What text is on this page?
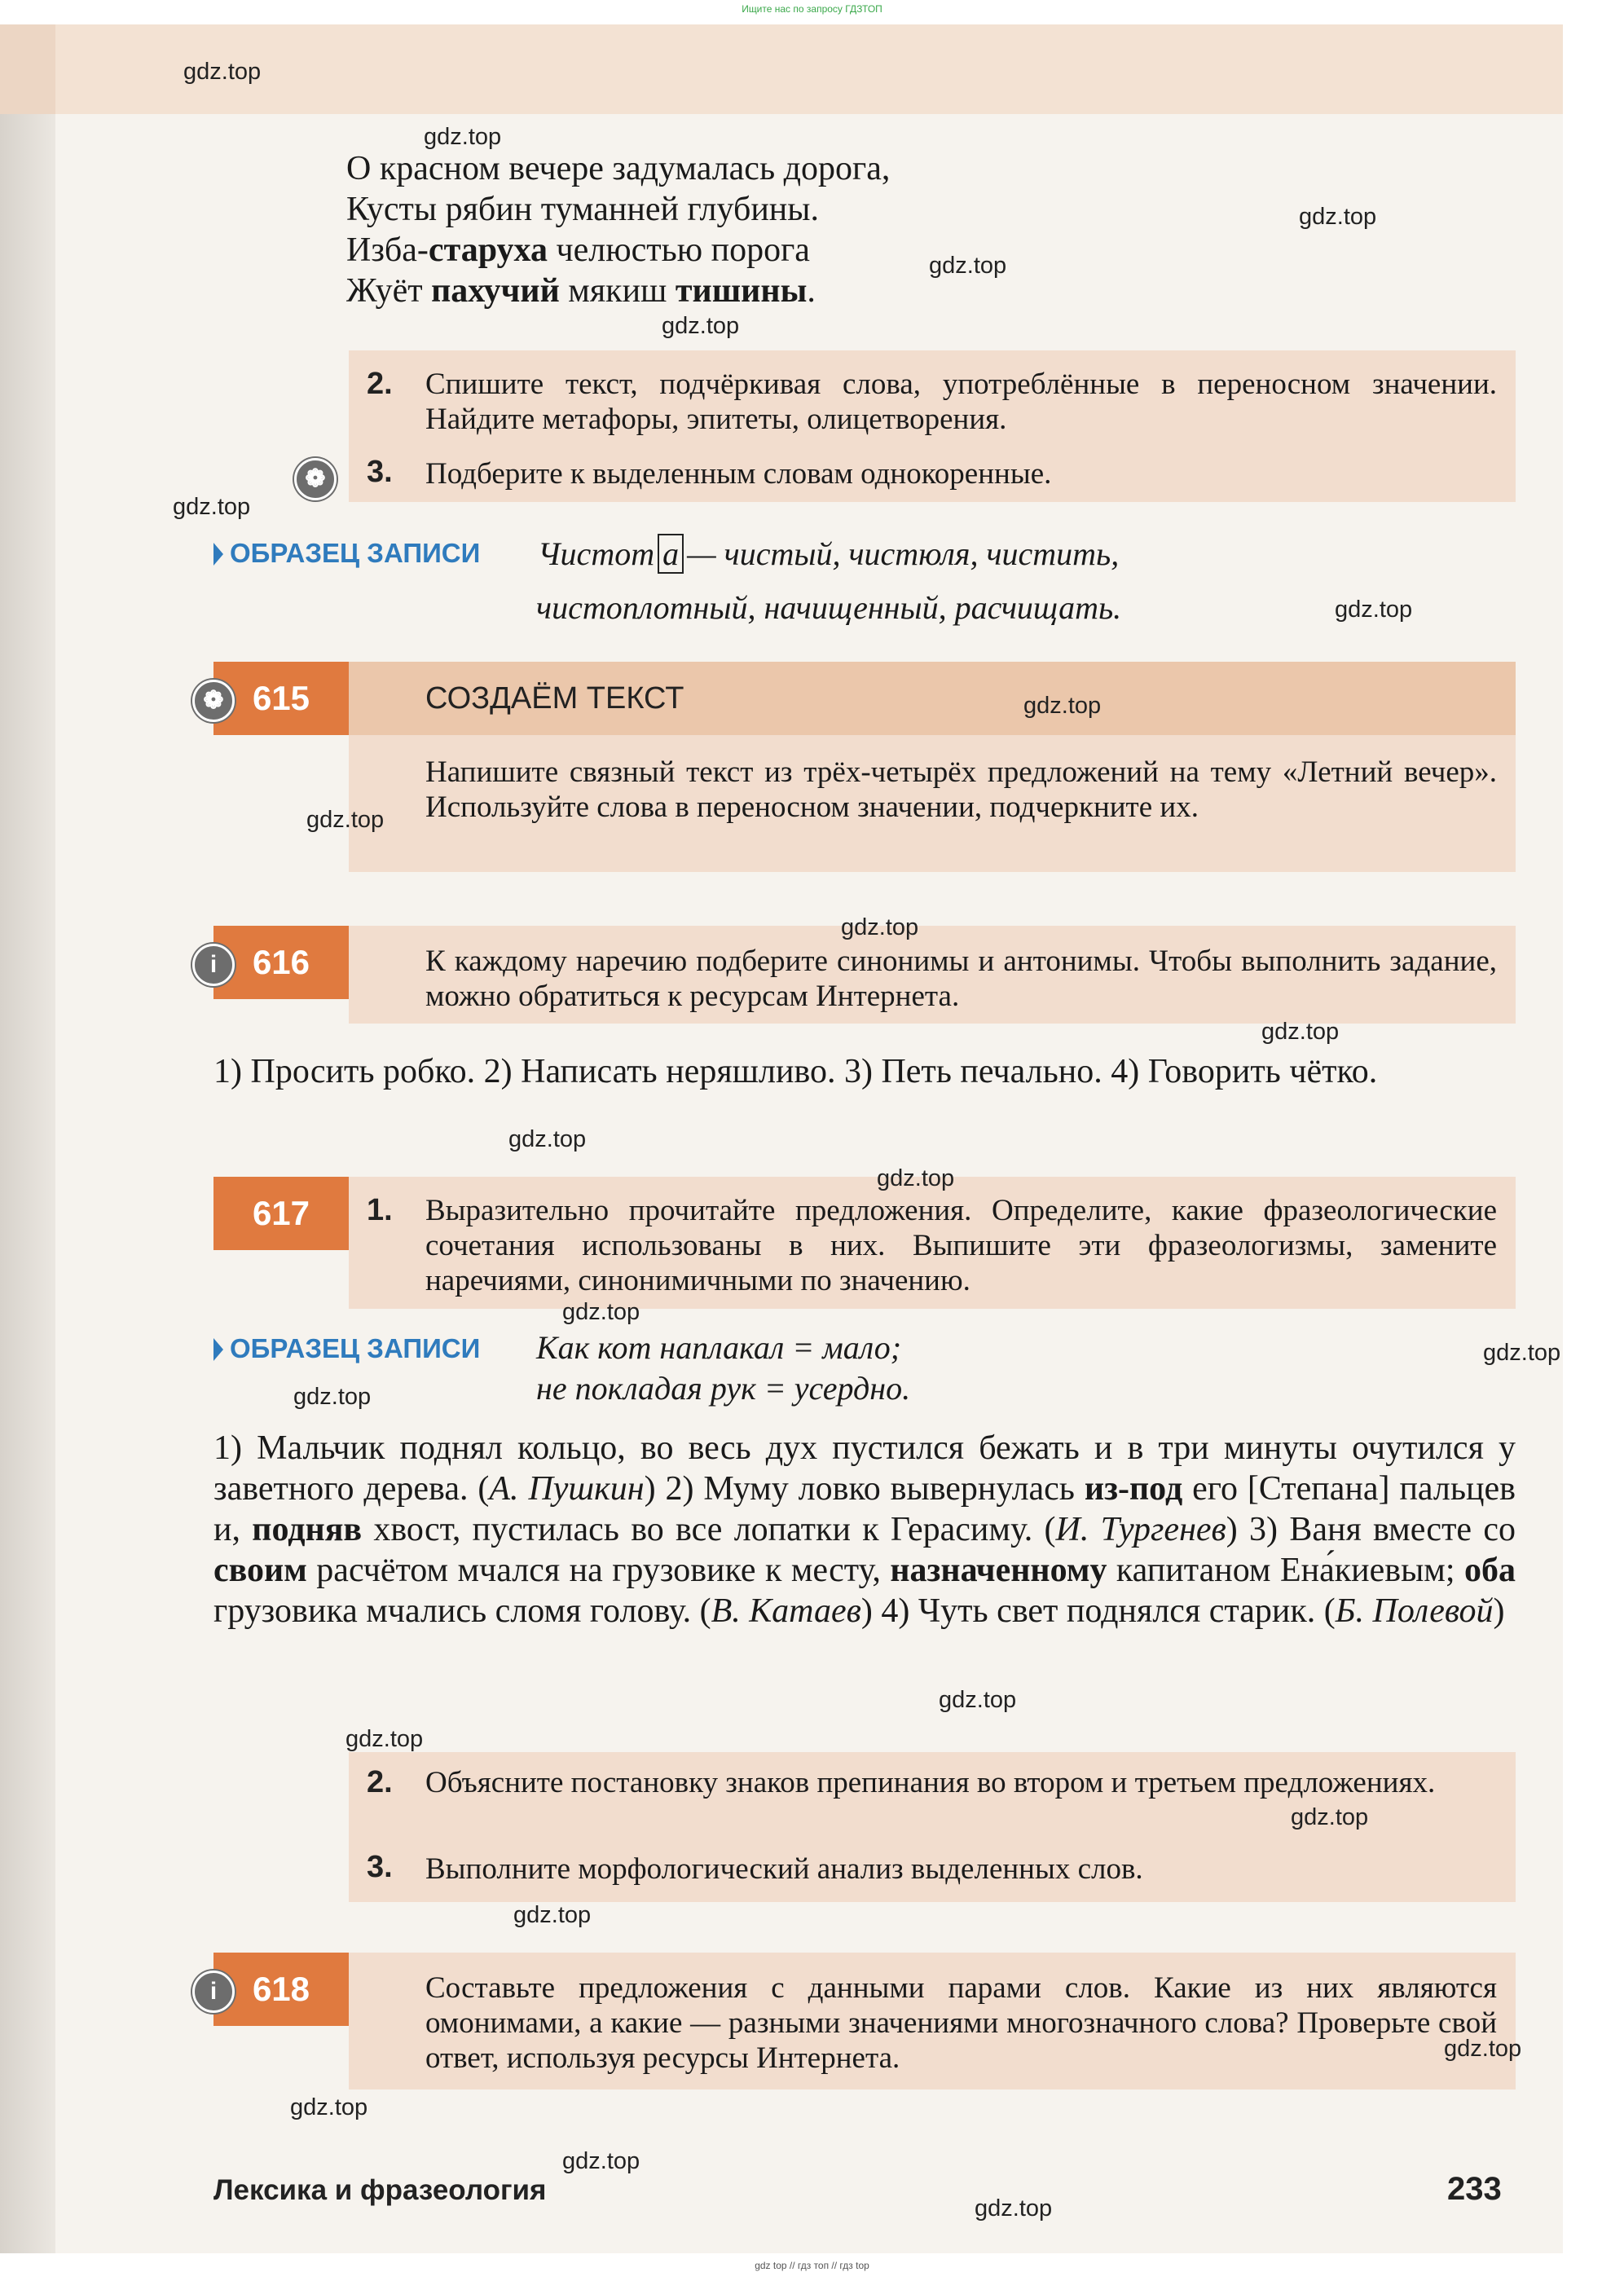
Ищите нас по запросу ГДЗТОП
О красном вечере задумалась дорога,
Кусты рябин туманней глубины.
Изба-старуха челюстью порога
Жуёт пахучий мякиш тишины.
2. Спишите текст, подчёркивая слова, употреблённые в переносном значении. Найдите метафоры, эпитеты, олицетворения.
❁	3. Подберите к выделенным словам однокоренные.
ОБРАЗЕЦ ЗАПИСИ Чистот а — чистый, чистюля, чистить,
чистоплотный, начищенный, расчищать.
615
❁	СОЗДАЁМ ТЕКСТ
Напишите связный текст из трёх-четырёх предложений на тему «Летний вечер». Используйте слова в переносном значении, подчеркните их.
616
i	К каждому наречию подберите синонимы и антонимы. Чтобы выполнить задание, можно обратиться к ресурсам Интернета.
1) Просить робко. 2) Написать неряшливо. 3) Петь печально. 4) Говорить чётко.
617	1. Выразительно прочитайте предложения. Определите, какие фразеологические сочетания использованы в них. Выпишите эти фразеологизмы, замените наречиями, синонимичными по значению.
ОБРАЗЕЦ ЗАПИСИ Как кот наплакал = мало;
не покладая рук = усердно.
1) Мальчик поднял кольцо, во весь дух пустился бежать и в три минуты очутился у заветного дерева. (А. Пушкин) 2) Муму ловко вывернулась из-под его [Степана] пальцев и, подняв хвост, пустилась во все лопатки к Герасиму. (И. Тургенев) 3) Ваня вместе со своим расчётом мчался на грузовике к месту, назначенному капитаном Ена́киевым; оба грузовика мчались сломя голову. (В. Катаев) 4) Чуть свет поднялся старик. (Б. Полевой)
2. Объясните постановку знаков препинания во втором и третьем предложениях.
3. Выполните морфологический анализ выделенных слов.
618
i	Составьте предложения с данными парами слов. Какие из них являются омонимами, а какие — разными значениями многозначного слова? Проверьте свой ответ, используя ресурсы Интернета.
Лексика и фразеология	233
gdz.top
gdz.top
gdz.top
gdz.top
gdz.top
gdz.top
gdz.top
gdz.top
gdz.top
gdz.top
gdz.top
gdz.top
gdz.top
gdz.top
gdz.top
gdz.top
gdz.top
gdz.top
gdz.top
gdz.top
gdz.top
gdz.top
gdz.top
gdz.top
gdz top // гдз топ // гдз top
